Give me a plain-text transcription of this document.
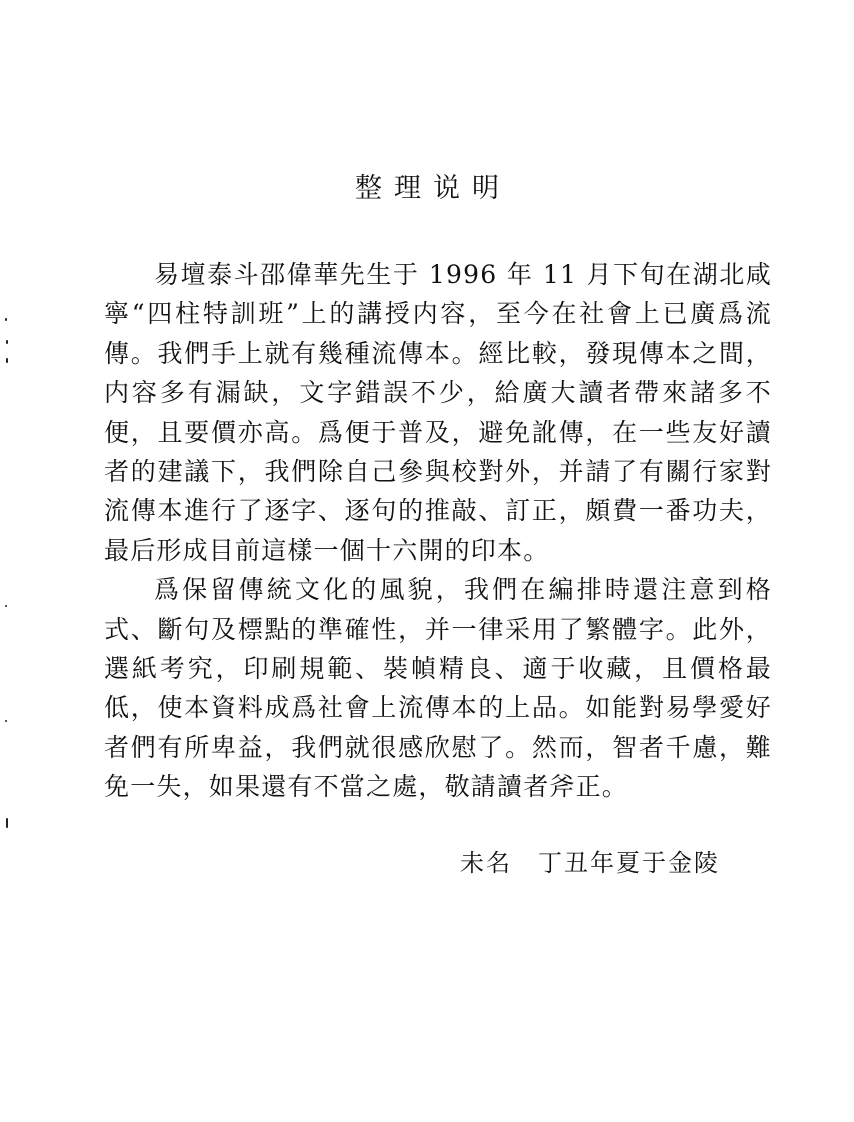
整理说明

易壇泰斗邵偉華先生于 1996 年 11 月下旬在湖北咸寧“四柱特訓班”上的講授内容，至今在社會上已廣爲流傳。我們手上就有幾種流傳本。經比較，發現傳本之間，内容多有漏缺，文字錯誤不少，給廣大讀者帶來諸多不便，且要價亦高。爲便于普及，避免訛傳，在一些友好讀者的建議下，我們除自己參與校對外，并請了有關行家對流傳本進行了逐字、逐句的推敲、訂正，頗費一番功夫，最后形成目前這樣一個十六開的印本。

爲保留傳統文化的風貌，我們在編排時還注意到格式、斷句及標點的準確性，并一律采用了繁體字。此外，選紙考究，印刷規範、裝幀精良、適于收藏，且價格最低，使本資料成爲社會上流傳本的上品。如能對易學愛好者們有所卑益，我們就很感欣慰了。然而，智者千慮，難免一失，如果還有不當之處，敬請讀者斧正。

未名　丁丑年夏于金陵
